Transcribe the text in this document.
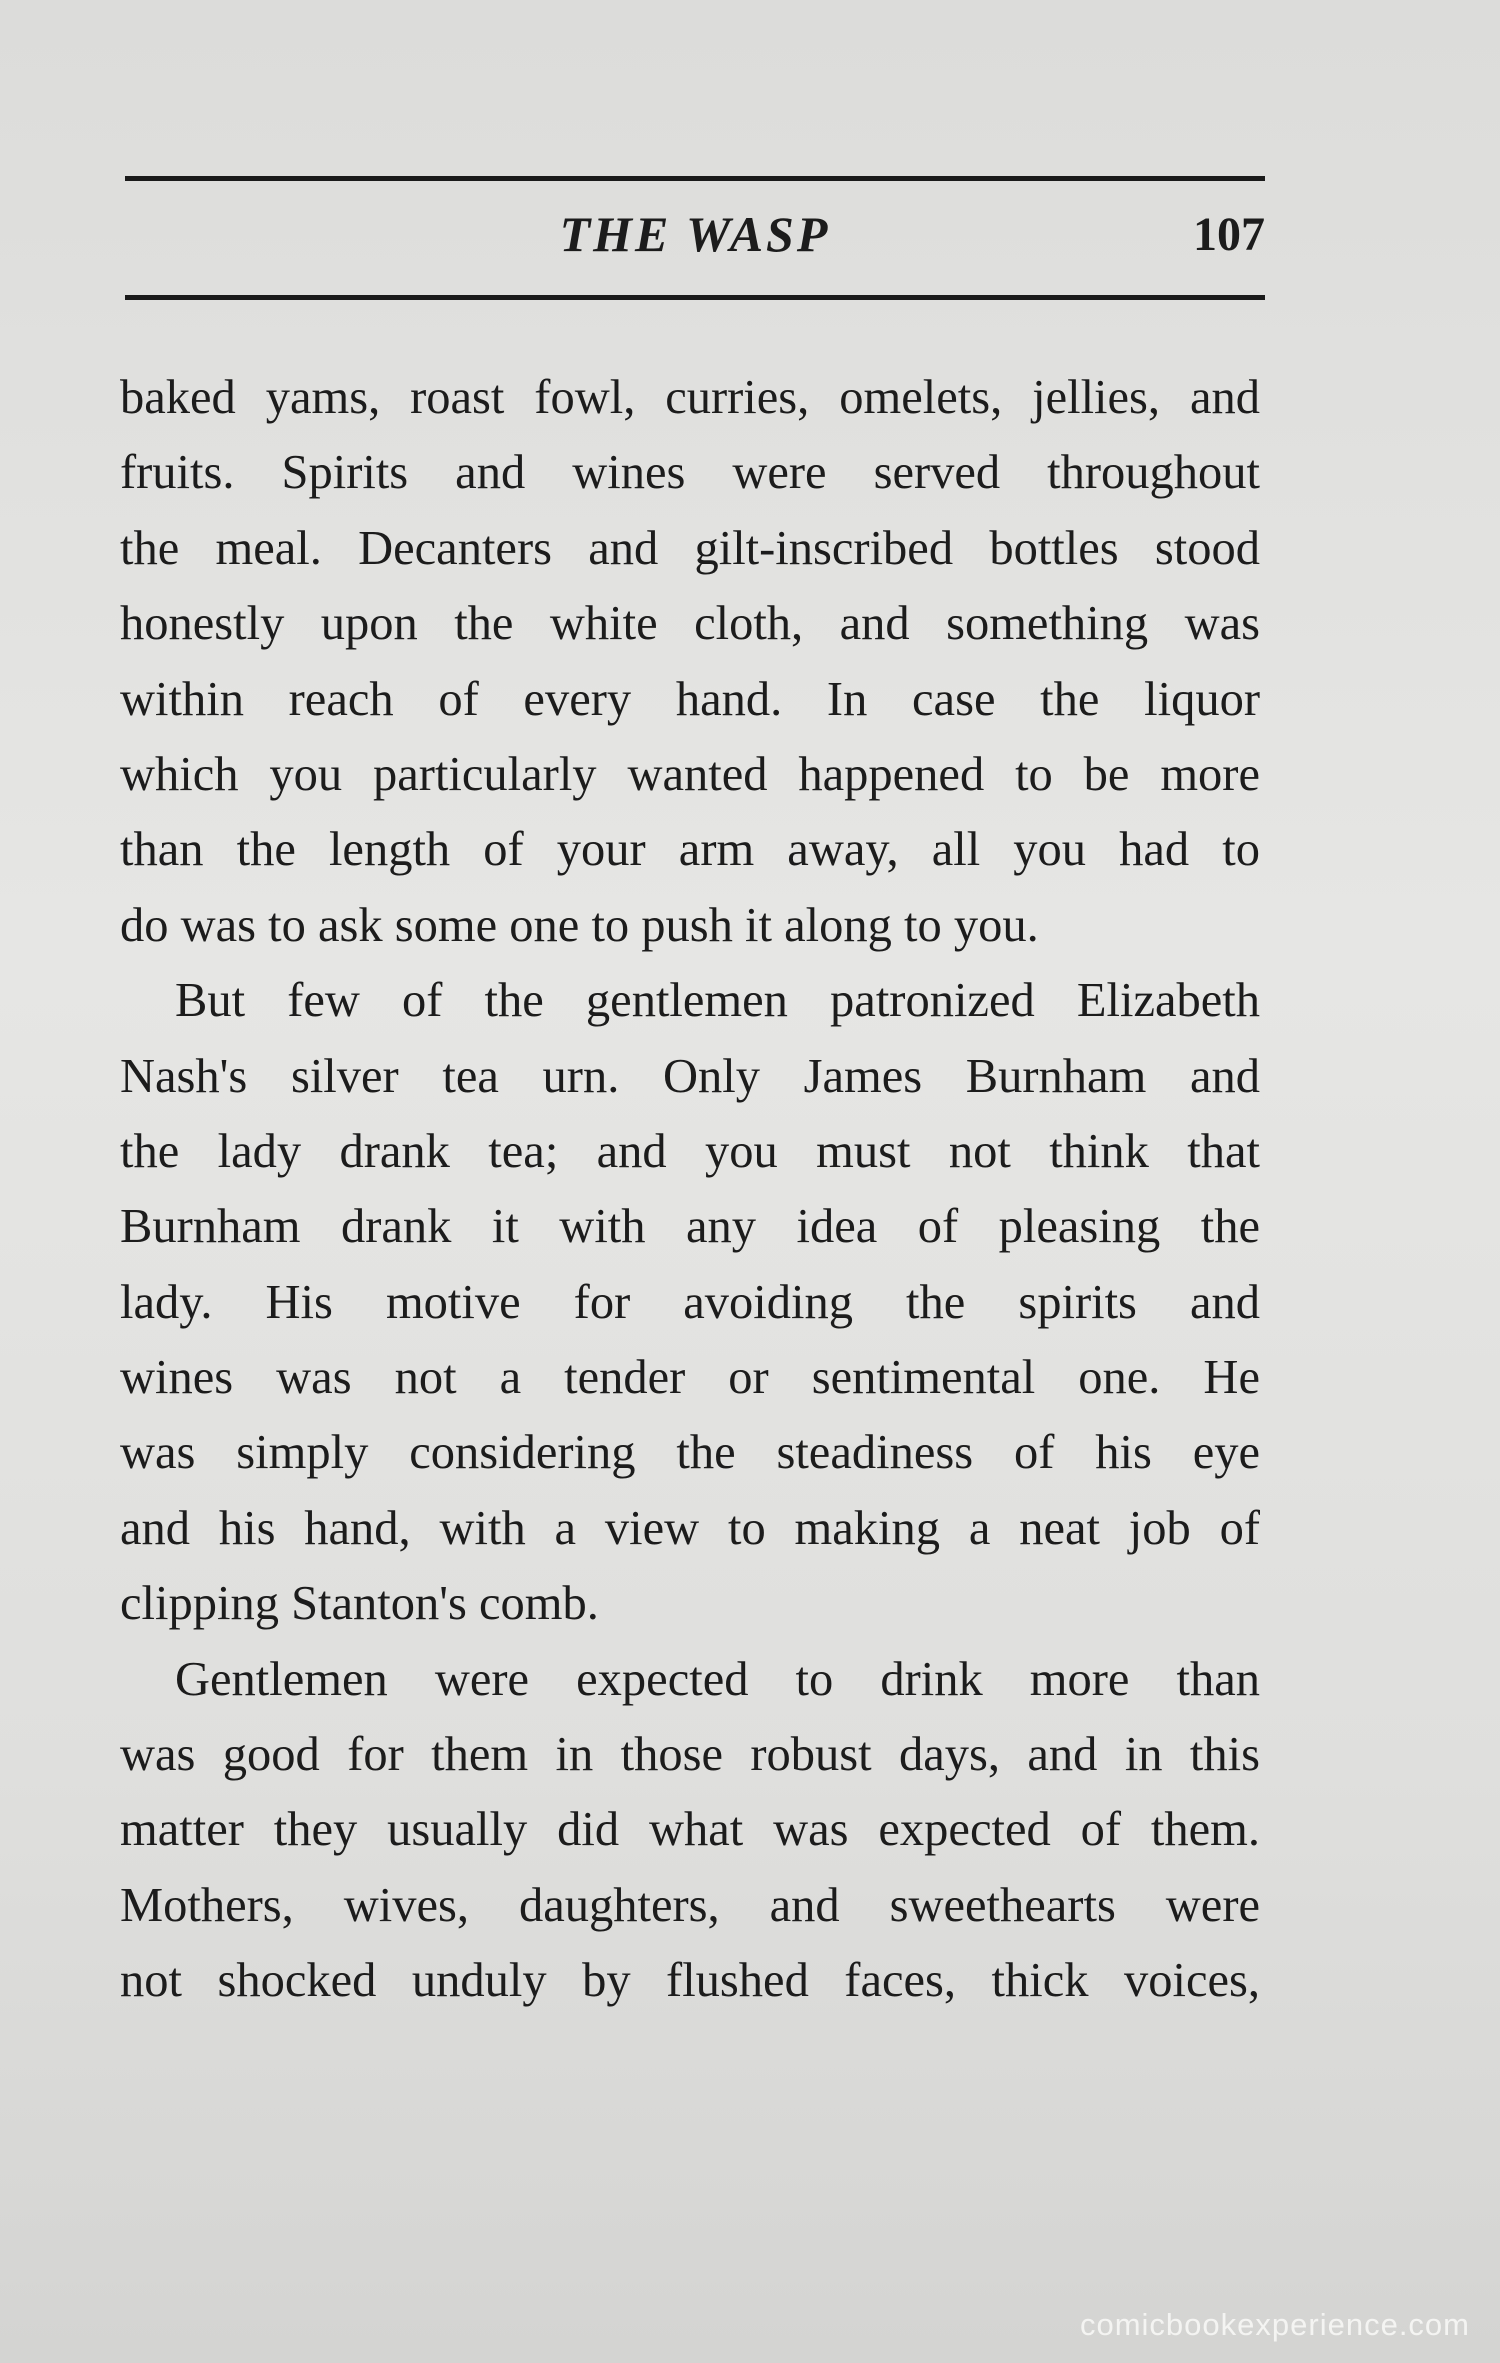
THE WASP	107
baked yams, roast fowl, curries, omelets, jellies, and
fruits. Spirits and wines were served throughout
the meal. Decanters and gilt-inscribed bottles stood
honestly upon the white cloth, and something was
within reach of every hand. In case the liquor
which you particularly wanted happened to be more
than the length of your arm away, all you had to
do was to ask some one to push it along to you.
But few of the gentlemen patronized Elizabeth
Nash's silver tea urn. Only James Burnham and
the lady drank tea; and you must not think that
Burnham drank it with any idea of pleasing the
lady. His motive for avoiding the spirits and
wines was not a tender or sentimental one. He
was simply considering the steadiness of his eye
and his hand, with a view to making a neat job of
clipping Stanton's comb.
Gentlemen were expected to drink more than
was good for them in those robust days, and in this
matter they usually did what was expected of them.
Mothers, wives, daughters, and sweethearts were
not shocked unduly by flushed faces, thick voices,
comicbookexperience.com
